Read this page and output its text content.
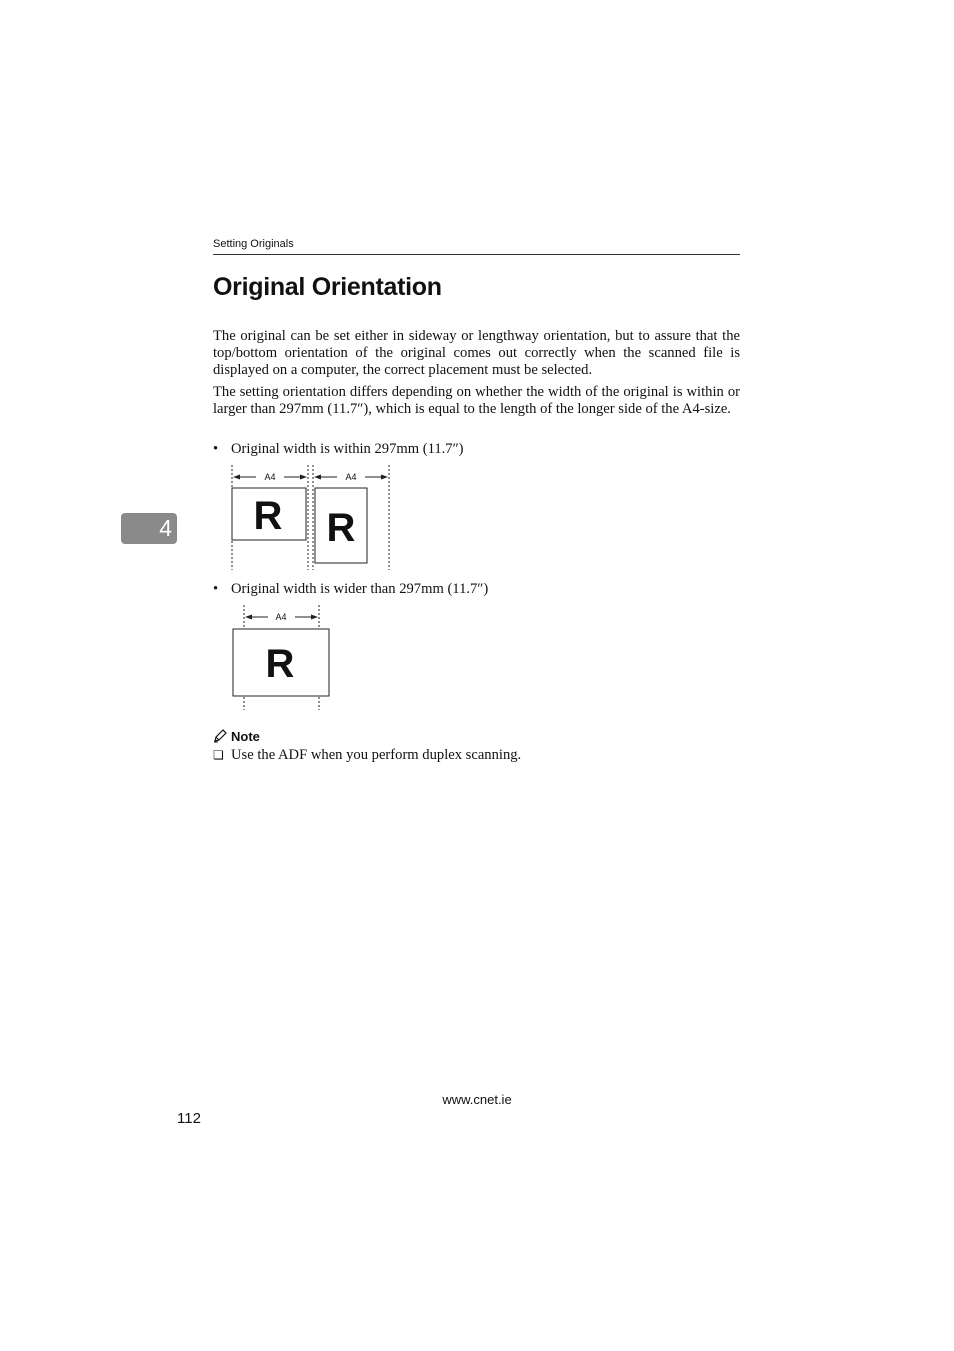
Setting Originals
Original Orientation

The original can be set either in sideway or lengthway orientation, but to assure that the top/bottom orientation of the original comes out correctly when the scanned file is displayed on a computer, the correct placement must be selected.

The setting orientation differs depending on whether the width of the original is within or larger than 297mm (11.7″), which is equal to the length of the longer side of the A4-size.

• Original width is within 297mm (11.7″)
4
A4	A4
R R
• Original width is wider than 297mm (11.7″)
A4
R
Note
❏ Use the ADF when you perform duplex scanning.
www.cnet.ie
112
